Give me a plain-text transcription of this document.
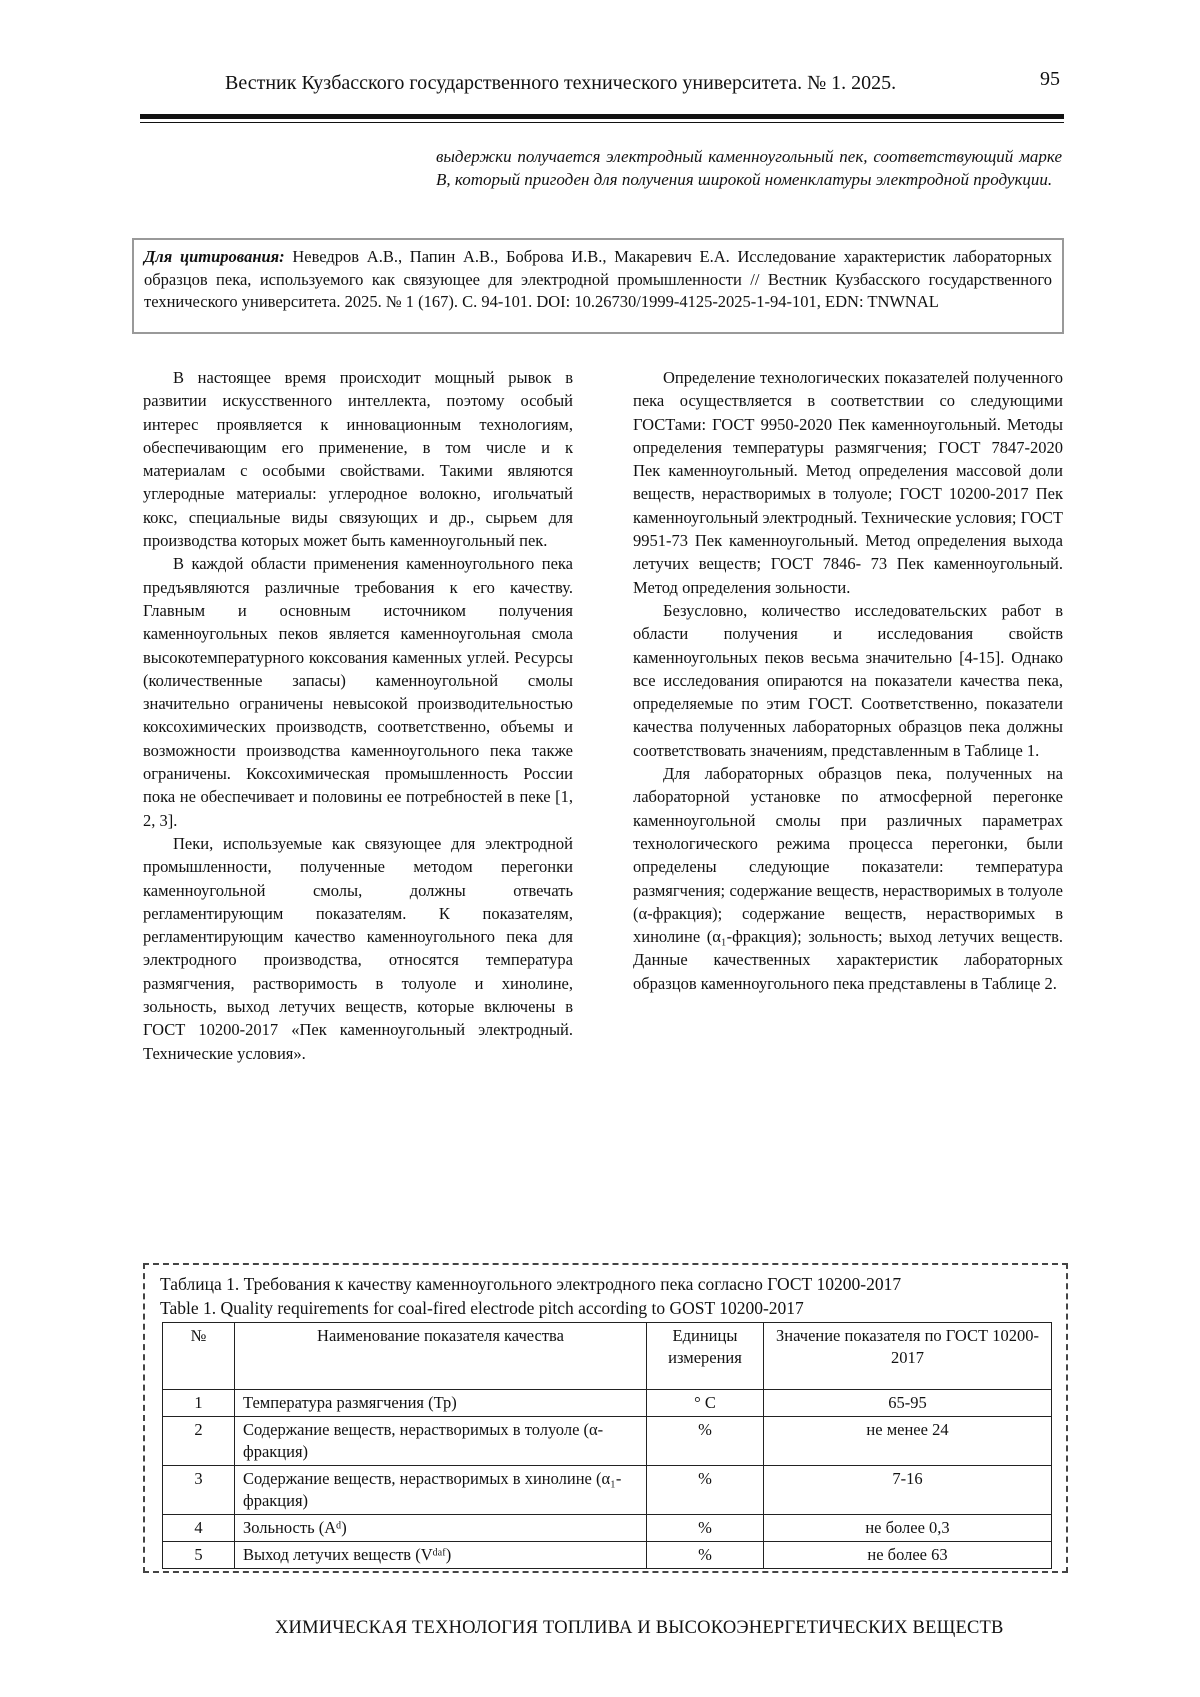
Вестник Кузбасского государственного технического университета. № 1. 2025.	95
выдержки получается электродный каменноугольный пек, соответствующий марке В, который пригоден для получения широкой номенклатуры электродной продукции.
Для цитирования: Неведров А.В., Папин А.В., Боброва И.В., Макаревич Е.А. Исследование характеристик лабораторных образцов пека, используемого как связующее для электродной промышленности // Вестник Кузбасского государственного технического университета. 2025. № 1 (167). С. 94-101. DOI: 10.26730/1999-4125-2025-1-94-101, EDN: TNWNAL

В настоящее время происходит мощный рывок в развитии искусственного интеллекта, поэтому особый интерес проявляется к инновационным технологиям, обеспечивающим его применение, в том числе и к материалам с особыми свойствами. Такими являются углеродные материалы: углеродное волокно, игольчатый кокс, специальные виды связующих и др., сырьем для производства которых может быть каменноугольный пек.

В каждой области применения каменноугольного пека предъявляются различные требования к его качеству. Главным и основным источником получения каменноугольных пеков является каменноугольная смола высокотемпературного коксования каменных углей. Ресурсы (количественные запасы) каменноугольной смолы значительно ограничены невысокой производительностью коксохимических производств, соответственно, объемы и возможности производства каменноугольного пека также ограничены. Коксохимическая промышленность России пока не обеспечивает и половины ее потребностей в пеке [1, 2, 3].

Пеки, используемые как связующее для электродной промышленности, полученные методом перегонки каменноугольной смолы, должны отвечать регламентирующим показателям. К показателям, регламентирующим качество каменноугольного пека для электродного производства, относятся температура размягчения, растворимость в толуоле и хинолине, зольность, выход летучих веществ, которые включены в ГОСТ 10200-2017 «Пек каменноугольный электродный. Технические условия».

Определение технологических показателей полученного пека осуществляется в соответствии со следующими ГОСТами: ГОСТ 9950-2020 Пек каменноугольный. Методы определения температуры размягчения; ГОСТ 7847-2020 Пек каменноугольный. Метод определения массовой доли веществ, нерастворимых в толуоле; ГОСТ 10200-2017 Пек каменноугольный электродный. Технические условия; ГОСТ 9951-73 Пек каменноугольный. Метод определения выхода летучих веществ; ГОСТ 7846- 73 Пек каменноугольный. Метод определения зольности.

Безусловно, количество исследовательских работ в области получения и исследования свойств каменноугольных пеков весьма значительно [4-15]. Однако все исследования опираются на показатели качества пека, определяемые по этим ГОСТ. Соответственно, показатели качества полученных лабораторных образцов пека должны соответствовать значениям, представленным в Таблице 1.

Для лабораторных образцов пека, полученных на лабораторной установке по атмосферной перегонке каменноугольной смолы при различных параметрах технологического режима процесса перегонки, были определены следующие показатели: температура размягчения; содержание веществ, нерастворимых в толуоле (α-фракция); содержание веществ, нерастворимых в хинолине (α₁-фракция); зольность; выход летучих веществ. Данные качественных характеристик лабораторных образцов каменноугольного пека представлены в Таблице 2.

Таблица 1. Требования к качеству каменноугольного электродного пека согласно ГОСТ 10200-2017
Table 1. Quality requirements for coal-fired electrode pitch according to GOST 10200-2017
№	Наименование показателя качества	Единицы измерения	Значение показателя по ГОСТ 10200-2017
1	Температура размягчения (Тр)	° С	65-95
2	Содержание веществ, нерастворимых в толуоле (α-фракция)	%	не менее 24
3	Содержание веществ, нерастворимых в хинолине (α₁-фракция)	%	7-16
4	Зольность (Aᵈ)	%	не более 0,3
5	Выход летучих веществ (Vᵈᵃᶠ)	%	не более 63
ХИМИЧЕСКАЯ ТЕХНОЛОГИЯ ТОПЛИВА И ВЫСОКОЭНЕРГЕТИЧЕСКИХ ВЕЩЕСТВ
